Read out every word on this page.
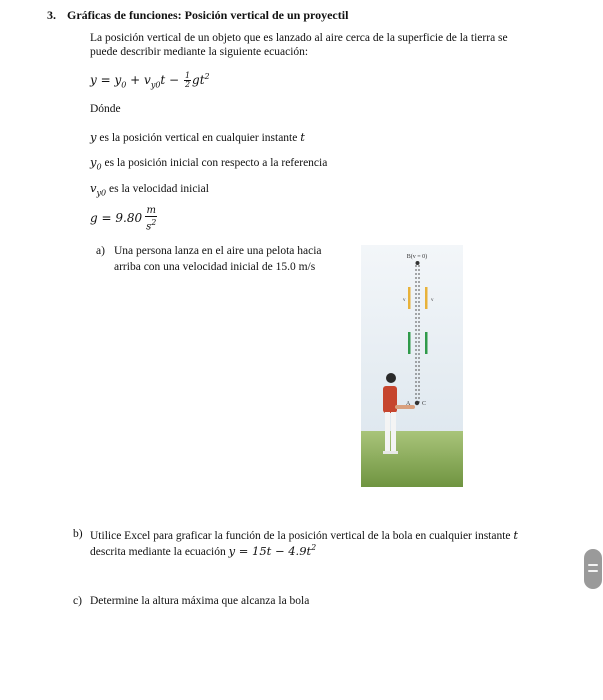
3. Gráficas de funciones: Posición vertical de un proyectil
La posición vertical de un objeto que es lanzado al aire cerca de la superficie de la tierra se
puede describir mediante la siguiente ecuación:
$y = y_0 + v_{y0}t - \frac{1}{2} gt^2$
Dónde
y es la posición vertical en cualquier instante t
$y_0$ es la posición inicial con respecto a la referencia
$v_{y0}$ es la velocidad inicial
$g = 9.80 \frac{m}{s^2}$
a) Una persona lanza en el aire una pelota hacia
arriba con una velocidad inicial de 15.0 m/s
B(v = 0)
v	v
A C
b) Utilice Excel para graficar la función de la posición vertical de la bola en cualquier instante t
descrita mediante la ecuación $y = 15t - 4.9t^2$
c) Determine la altura máxima que alcanza la bola
